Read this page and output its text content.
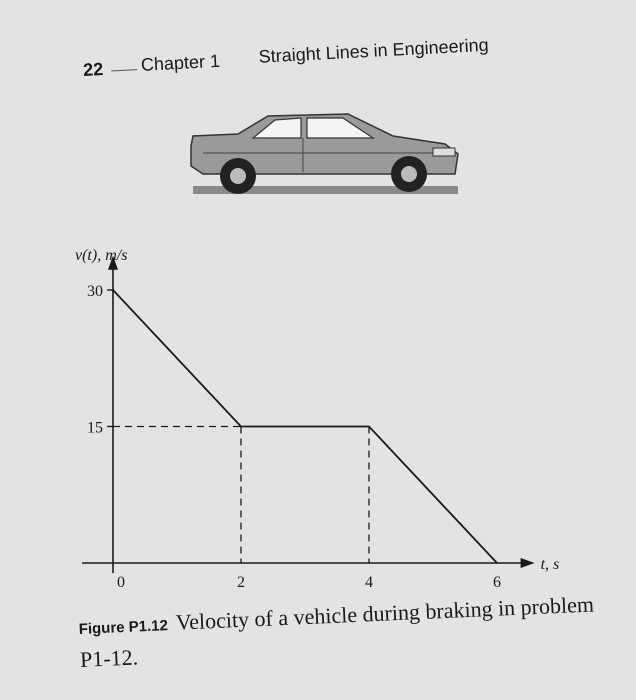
22 Chapter 1 Straight Lines in Engineering
15
30
0	2	4	6
v(t), m/s
t, s
Figure P1.12 Velocity of a vehicle during braking in problem P1-12.
